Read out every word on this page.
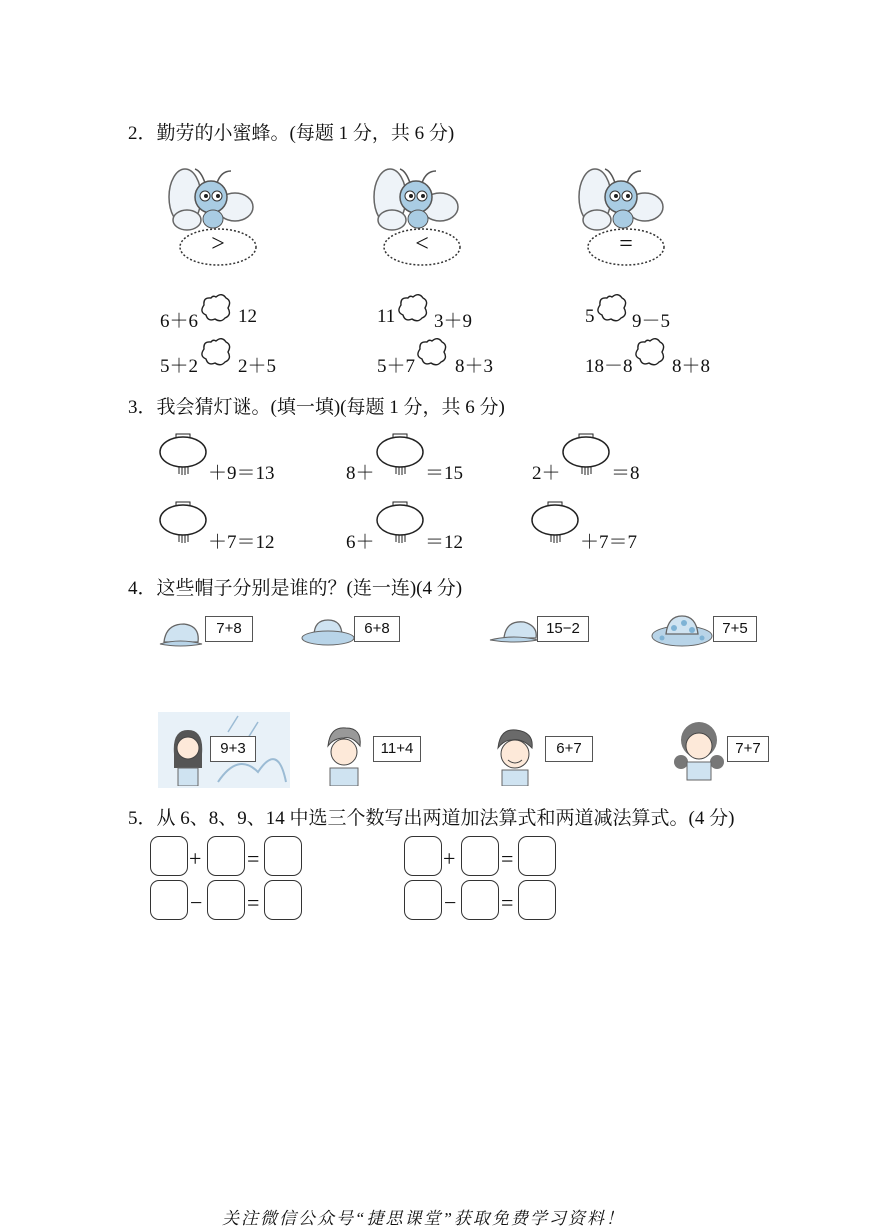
2．勤劳的小蜜蜂。(每题 1 分，共 6 分)
>	<	=
6＋6 12	11 3＋9	5 9－5
5＋2 2＋5	5＋7 8＋3	18－8 8＋8
3．我会猜灯谜。(填一填)(每题 1 分，共 6 分)
＋9＝13	8＋	＝15	2＋	＝8
＋7＝12	6＋	＝12	＋7＝7
4．这些帽子分别是谁的？(连一连)(4 分)
7+8	6+8	15−2	7+5
9+3	11+4	6+7	7+7
5．从 6、8、9、14 中选三个数写出两道加法算式和两道减法算式。(4 分)
+ =
− =
+ =
− =
关注微信公众号“捷思课堂”获取免费学习资料！
